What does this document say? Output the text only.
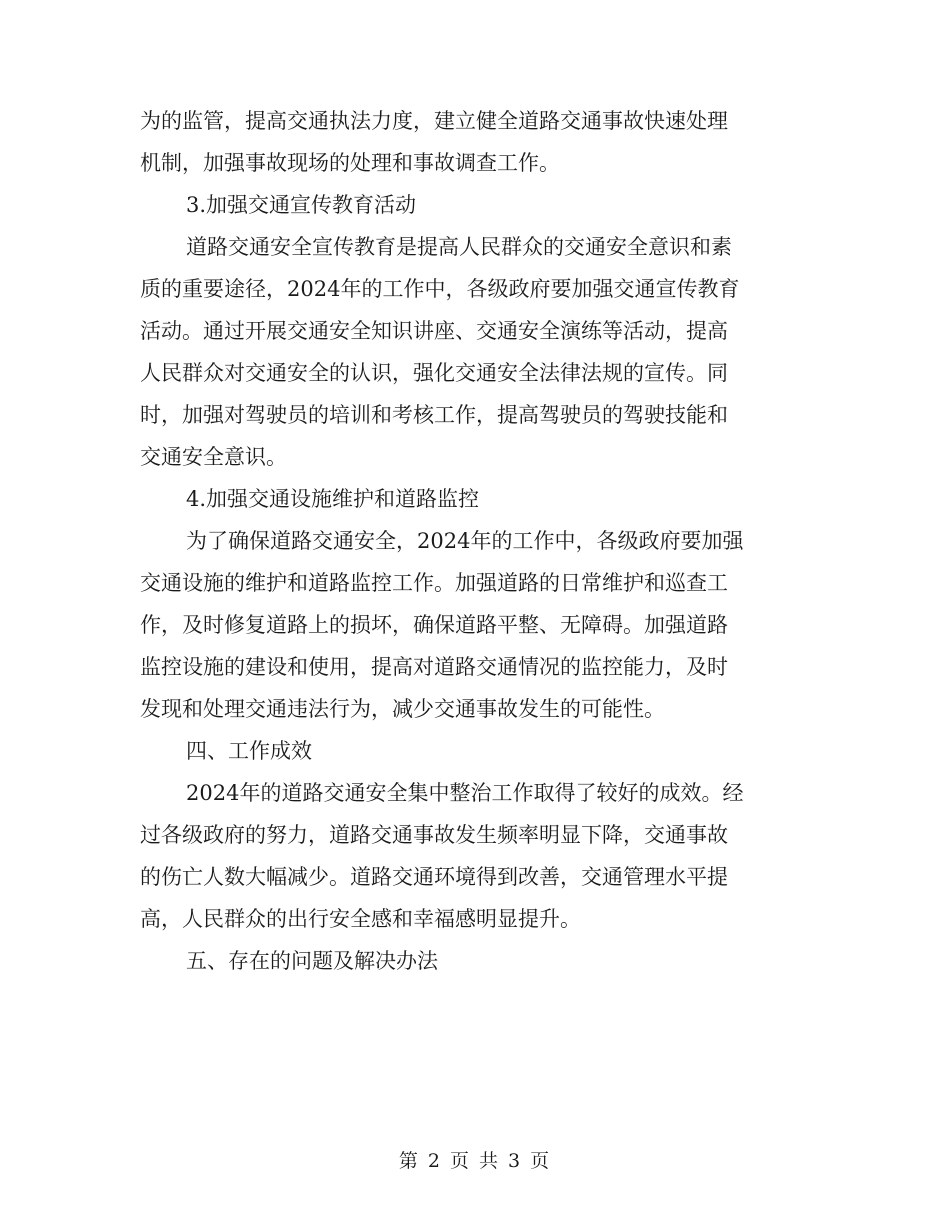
为的监管，提高交通执法力度，建立健全道路交通事故快速处理
机制，加强事故现场的处理和事故调查工作。
3.加强交通宣传教育活动
道路交通安全宣传教育是提高人民群众的交通安全意识和素
质的重要途径，2024年的工作中，各级政府要加强交通宣传教育
活动。通过开展交通安全知识讲座、交通安全演练等活动，提高
人民群众对交通安全的认识，强化交通安全法律法规的宣传。同
时，加强对驾驶员的培训和考核工作，提高驾驶员的驾驶技能和
交通安全意识。
4.加强交通设施维护和道路监控
为了确保道路交通安全，2024年的工作中，各级政府要加强
交通设施的维护和道路监控工作。加强道路的日常维护和巡查工
作，及时修复道路上的损坏，确保道路平整、无障碍。加强道路
监控设施的建设和使用，提高对道路交通情况的监控能力，及时
发现和处理交通违法行为，减少交通事故发生的可能性。
四、工作成效
2024年的道路交通安全集中整治工作取得了较好的成效。经
过各级政府的努力，道路交通事故发生频率明显下降，交通事故
的伤亡人数大幅减少。道路交通环境得到改善，交通管理水平提
高，人民群众的出行安全感和幸福感明显提升。
五、存在的问题及解决办法
第 2 页 共 3 页
